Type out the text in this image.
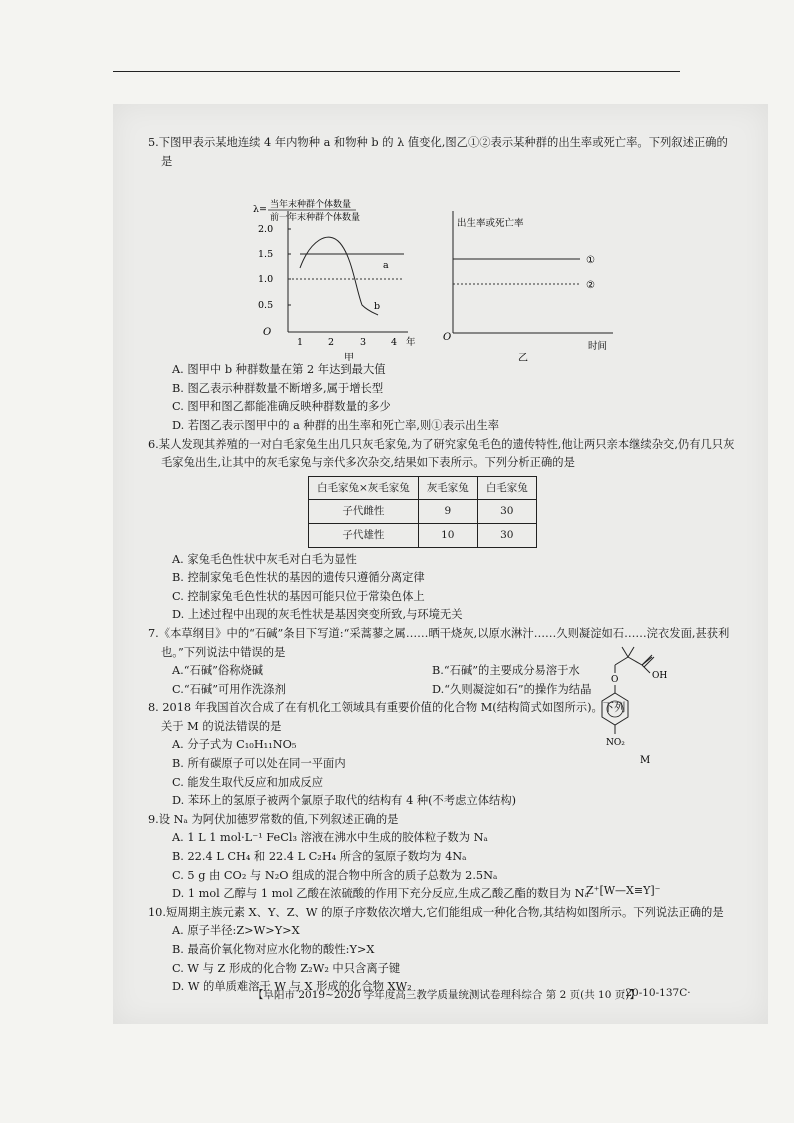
5.下图甲表示某地连续 4 年内物种 a 和物种 b 的 λ 值变化,图乙①②表示某种群的出生率或死亡率。下列叙述正确的是

λ= 当年末种群个体数量
前一年末种群个体数量
2.0
1.5
1.0
0.5
O
1	2	3	4 年
a
b
甲
出生率或死亡率
O
时间
①
②
乙

A. 图甲中 b 种群数量在第 2 年达到最大值

B. 图乙表示种群数量不断增多,属于增长型

C. 图甲和图乙都能准确反映种群数量的多少

D. 若图乙表示图甲中的 a 种群的出生率和死亡率,则①表示出生率

6.某人发现其养殖的一对白毛家兔生出几只灰毛家兔,为了研究家兔毛色的遗传特性,他让两只亲本继续杂交,仍有几只灰毛家兔出生,让其中的灰毛家兔与亲代多次杂交,结果如下表所示。下列分析正确的是

白毛家兔×灰毛家兔	灰毛家兔	白毛家兔
子代雌性	9	30
子代雄性	10	30

A. 家兔毛色性状中灰毛对白毛为显性

B. 控制家兔毛色性状的基因的遗传只遵循分离定律

C. 控制家兔毛色性状的基因可能只位于常染色体上

D. 上述过程中出现的灰毛性状是基因突变所致,与环境无关

7.《本草纲目》中的“石碱”条目下写道:“采蒿蓼之属……晒干烧灰,以原水淋汁……久则凝淀如石……浣衣发面,甚获利也。”下列说法中错误的是

A.“石碱”俗称烧碱	B.“石碱”的主要成分易溶于水
C.“石碱”可用作洗涤剂	D.“久则凝淀如石”的操作为结晶

8. 2018 年我国首次合成了在有机化工领域具有重要价值的化合物 M(结构简式如图所示)。下列关于 M 的说法错误的是

A. 分子式为 C₁₀H₁₁NO₅

B. 所有碳原子可以处在同一平面内

C. 能发生取代反应和加成反应

D. 苯环上的氢原子被两个氯原子取代的结构有 4 种(不考虑立体结构)

OH
O
NO₂
M

9.设 Nₐ 为阿伏加德罗常数的值,下列叙述正确的是

A. 1 L 1 mol·L⁻¹ FeCl₃ 溶液在沸水中生成的胶体粒子数为 Nₐ

B. 22.4 L CH₄ 和 22.4 L C₂H₄ 所含的氢原子数均为 4Nₐ

C. 5 g 由 CO₂ 与 N₂O 组成的混合物中所含的质子总数为 2.5Nₐ

D. 1 mol 乙醇与 1 mol 乙酸在浓硫酸的作用下充分反应,生成乙酸乙酯的数目为 Nₐ

10.短周期主族元素 X、Y、Z、W 的原子序数依次增大,它们能组成一种化合物,其结构如图所示。下列说法正确的是

A. 原子半径:Z>W>Y>X

B. 最高价氧化物对应水化物的酸性:Y>X

C. W 与 Z 形成的化合物 Z₂W₂ 中只含离子键

D. W 的单质难溶于 W 与 X 形成的化合物 XW₂

Z⁺[W—X≡Y]⁻
【阜阳市 2019~2020 学年度高三教学质量统测试卷理科综合 第 2 页(共 10 页)】
·20-10-137C·
